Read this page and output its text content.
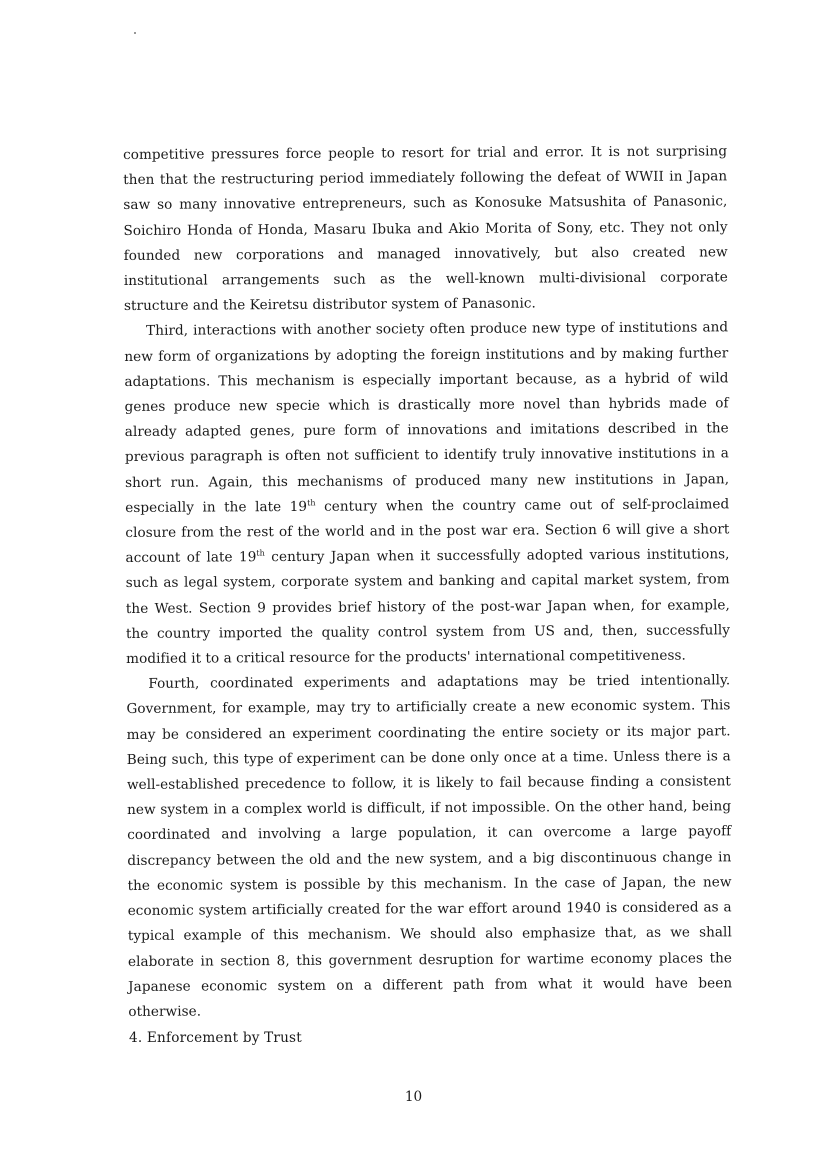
competitive pressures force people to resort for trial and error. It is not surprising then that the restructuring period immediately following the defeat of WWII in Japan saw so many innovative entrepreneurs, such as Konosuke Matsushita of Panasonic, Soichiro Honda of Honda, Masaru Ibuka and Akio Morita of Sony, etc. They not only founded new corporations and managed innovatively, but also created new institutional arrangements such as the well-known multi-divisional corporate structure and the Keiretsu distributor system of Panasonic.

Third, interactions with another society often produce new type of institutions and new form of organizations by adopting the foreign institutions and by making further adaptations. This mechanism is especially important because, as a hybrid of wild genes produce new specie which is drastically more novel than hybrids made of already adapted genes, pure form of innovations and imitations described in the previous paragraph is often not sufficient to identify truly innovative institutions in a short run. Again, this mechanisms of produced many new institutions in Japan, especially in the late 19th century when the country came out of self-proclaimed closure from the rest of the world and in the post war era. Section 6 will give a short account of late 19th century Japan when it successfully adopted various institutions, such as legal system, corporate system and banking and capital market system, from the West. Section 9 provides brief history of the post-war Japan when, for example, the country imported the quality control system from US and, then, successfully modified it to a critical resource for the products' international competitiveness.

Fourth, coordinated experiments and adaptations may be tried intentionally. Government, for example, may try to artificially create a new economic system. This may be considered an experiment coordinating the entire society or its major part. Being such, this type of experiment can be done only once at a time. Unless there is a well-established precedence to follow, it is likely to fail because finding a consistent new system in a complex world is difficult, if not impossible. On the other hand, being coordinated and involving a large population, it can overcome a large payoff discrepancy between the old and the new system, and a big discontinuous change in the economic system is possible by this mechanism. In the case of Japan, the new economic system artificially created for the war effort around 1940 is considered as a typical example of this mechanism. We should also emphasize that, as we shall elaborate in section 8, this government desruption for wartime economy places the Japanese economic system on a different path from what it would have been otherwise.

4. Enforcement by Trust
10
